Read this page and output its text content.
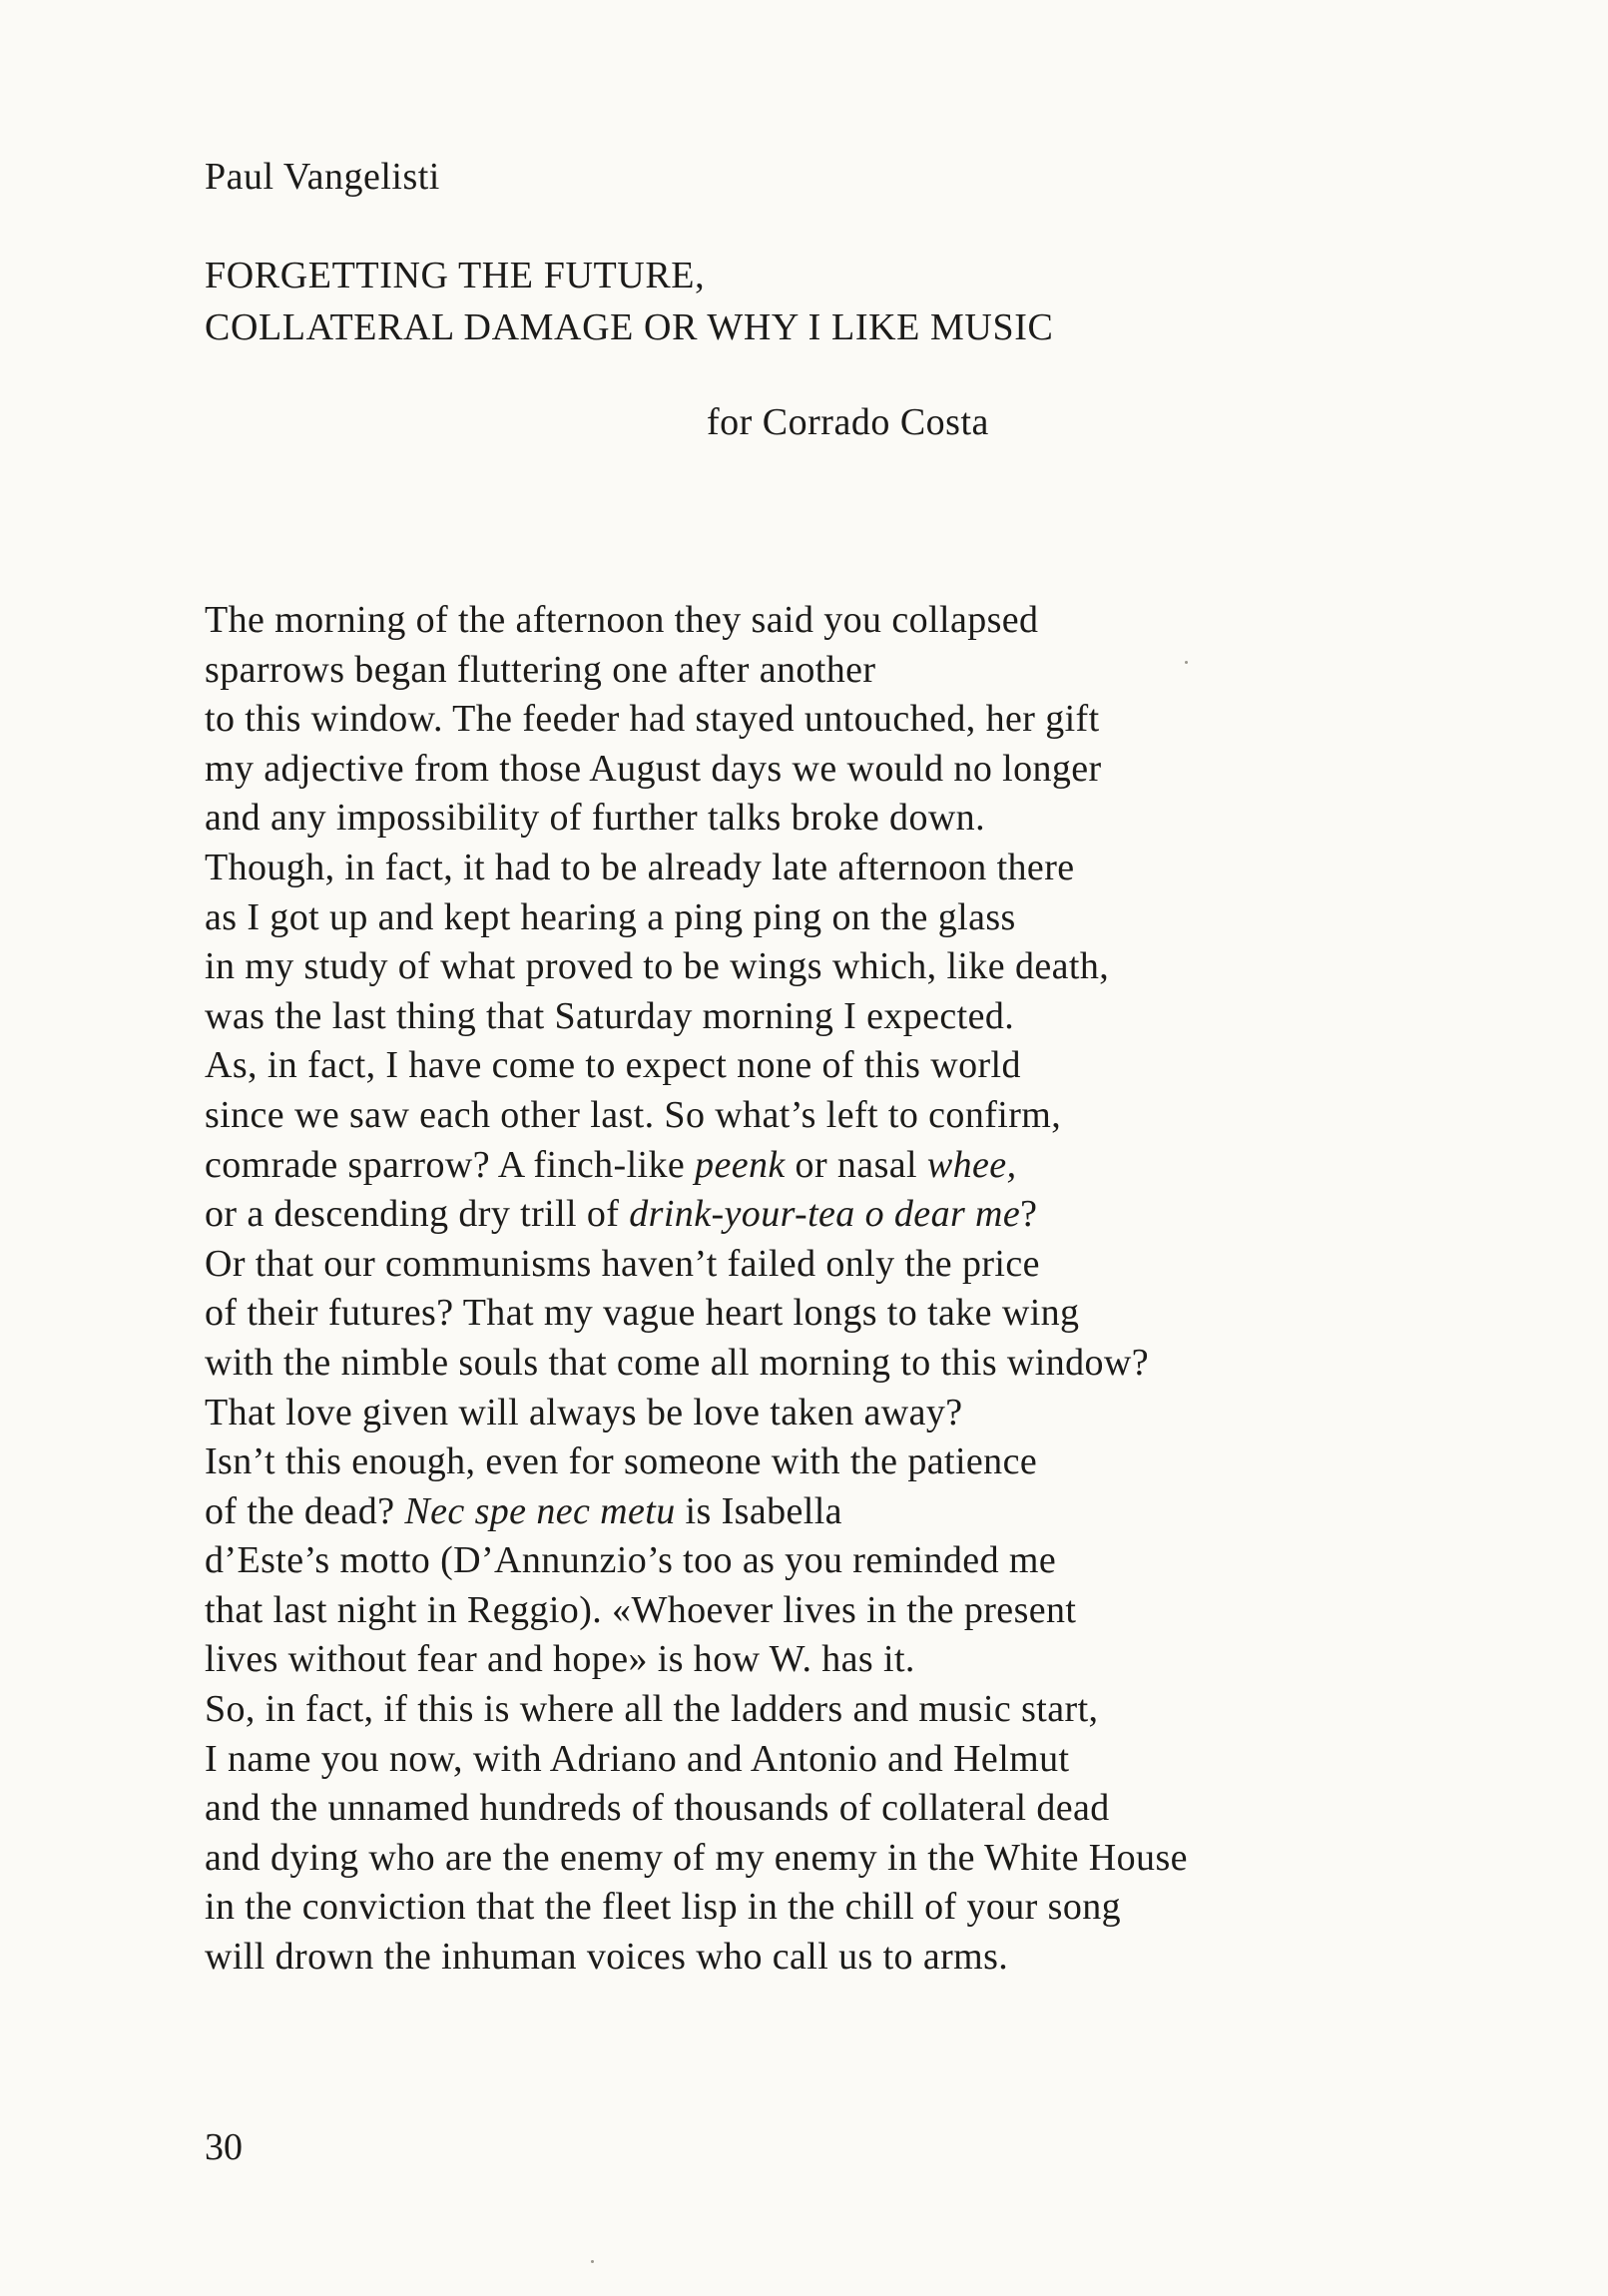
Paul Vangelisti
FORGETTING THE FUTURE,
COLLATERAL DAMAGE OR WHY I LIKE MUSIC
for Corrado Costa
The morning of the afternoon they said you collapsed
sparrows began fluttering one after another
to this window. The feeder had stayed untouched, her gift
my adjective from those August days we would no longer
and any impossibility of further talks broke down.
Though, in fact, it had to be already late afternoon there
as I got up and kept hearing a ping ping on the glass
in my study of what proved to be wings which, like death,
was the last thing that Saturday morning I expected.
As, in fact, I have come to expect none of this world
since we saw each other last. So what’s left to confirm,
comrade sparrow? A finch-like peenk or nasal whee,
or a descending dry trill of drink-your-tea o dear me?
Or that our communisms haven’t failed only the price
of their futures? That my vague heart longs to take wing
with the nimble souls that come all morning to this window?
That love given will always be love taken away?
Isn’t this enough, even for someone with the patience
of the dead? Nec spe nec metu is Isabella
d’Este’s motto (D’Annunzio’s too as you reminded me
that last night in Reggio). «Whoever lives in the present
lives without fear and hope» is how W. has it.
So, in fact, if this is where all the ladders and music start,
I name you now, with Adriano and Antonio and Helmut
and the unnamed hundreds of thousands of collateral dead
and dying who are the enemy of my enemy in the White House
in the conviction that the fleet lisp in the chill of your song
will drown the inhuman voices who call us to arms.
30
